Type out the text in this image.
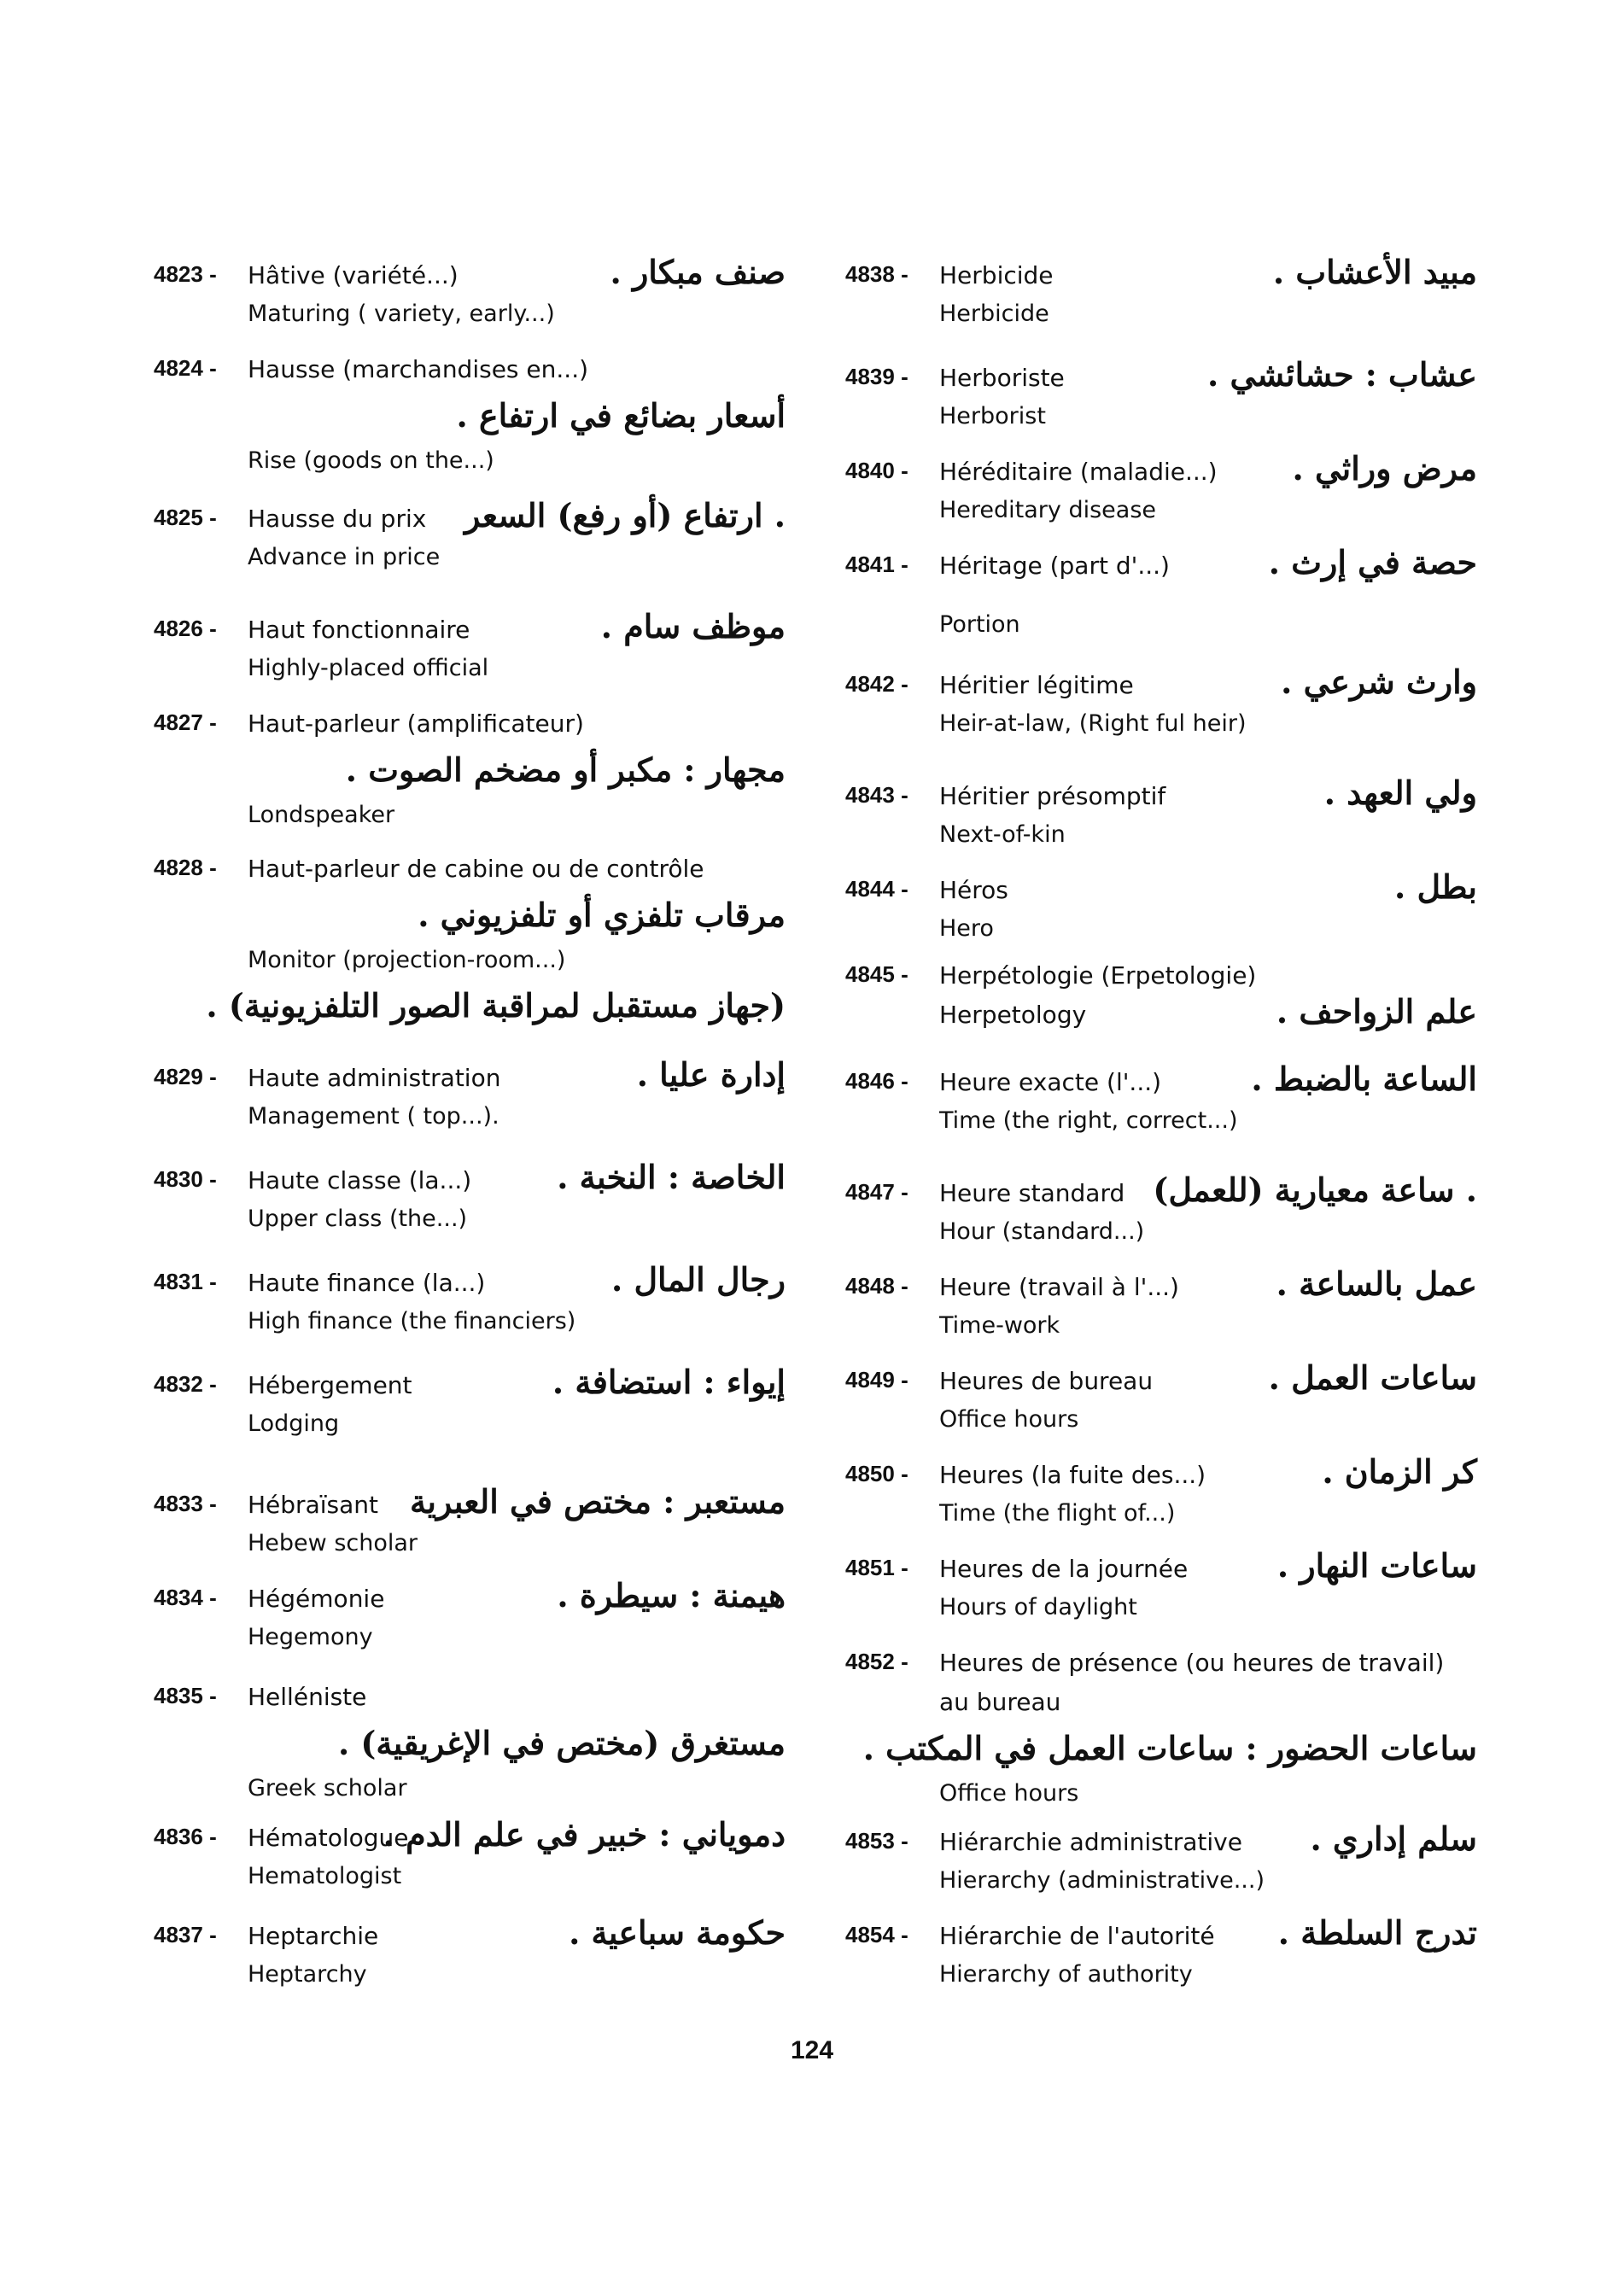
4823 - Hâtive (variété...)	صنف مبكار .
Maturing ( variety, early...)
4824 - Hausse (marchandises en...)
أسعار بضائع في ارتفاع .
Rise (goods on the...)
4825 - Hausse du prix . ارتفاع (أو رفع) السعر
Advance in price
4826 - Haut fonctionnaire	موظف سام .
Highly-placed official
4827 - Haut-parleur (amplificateur)
مجهار : مكبر أو مضخم الصوت .
Londspeaker
4828 - Haut-parleur de cabine ou de contrôle
مرقاب تلفزي أو تلفزيوني .
Monitor (projection-room...)
(جهاز مستقبل لمراقبة الصور التلفزيونية) .
4829 - Haute administration	إدارة عليا .
Management ( top...).
4830 - Haute classe (la...)	الخاصة : النخبة .
Upper class (the...)
4831 - Haute finance (la...)	رجال المال .
High finance (the financiers)
4832 - Hébergement	إيواء : استضافة .
Lodging
4833 - Hébraïsant مستعبر : مختص في العبرية
Hebew scholar
4834 - Hégémonie	هيمنة : سيطرة .
Hegemony
4835 - Helléniste
مستغرق (مختص في الإغريقية) .
Greek scholar
4836 - Hématologue
دموياني : خبير في علم الدم .
Hematologist
4837 - Heptarchie	حكومة سباعية .
Heptarchy
4838 - Herbicide	مبيد الأعشاب .
Herbicide
4839 - Herboriste	عشاب : حشائشي .
Herborist
4840 - Héréditaire (maladie...) مرض وراثي .
Hereditary disease
4841 - Héritage (part d'...)	حصة في إرث .
Portion
4842 - Héritier légitime	وارث شرعي .
Heir-at-law, (Right ful heir)
4843 - Héritier présomptif	ولي العهد .
Next-of-kin
4844 - Héros	بطل .
Hero
4845 - Herpétologie (Erpetologie)
Herpetology	علم الزواحف .
4846 - Heure exacte (l'...)	الساعة بالضبط .
Time (the right, correct...)
4847 - Heure standard . ساعة معيارية (للعمل)
Hour (standard...)
4848 - Heure (travail à l'...)	عمل بالساعة .
Time-work
4849 - Heures de bureau	ساعات العمل .
Office hours
4850 - Heures (la fuite des...)	كر الزمان .
Time (the flight of...)
4851 - Heures de la journée	ساعات النهار .
Hours of daylight
4852 - Heures de présence (ou heures de travail) au bureau
ساعات الحضور : ساعات العمل في المكتب .
Office hours
4853 - Hiérarchie administrative سلم إداري .
Hierarchy (administrative...)
4854 - Hiérarchie de l'autorité تدرج السلطة .
Hierarchy of authority
124
